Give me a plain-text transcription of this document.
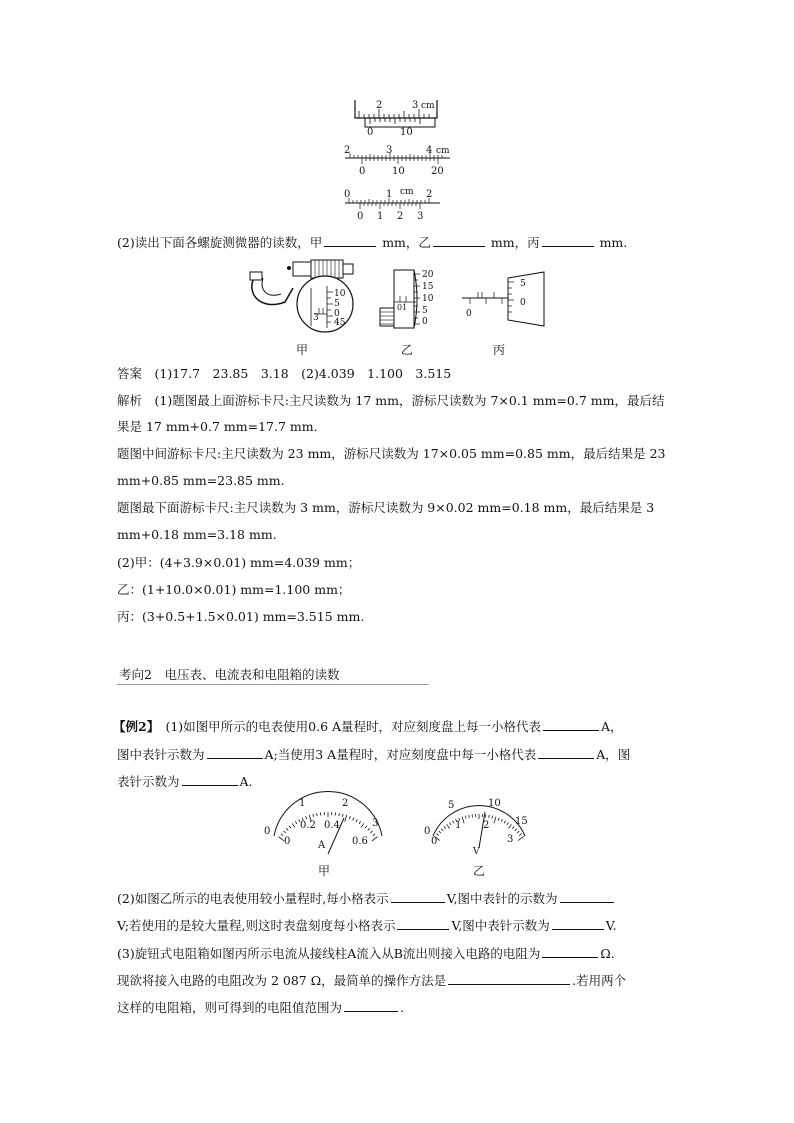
2	3 cm
0	10
2	3	4 cm
0	10	20
0	1 cm 2
0 1 2 3
(2)读出下面各螺旋测微器的读数，甲	mm，乙	mm，丙	mm.
10
5
0
45
3
甲
20
15
10
5
0
01
乙
5
0
0
丙
答案　(1)17.7　23.85　3.18　(2)4.039　1.100　3.515
解析　(1)题图最上面游标卡尺:主尺读数为 17 mm，游标尺读数为 7×0.1 mm=0.7 mm，最后结
果是 17 mm+0.7 mm=17.7 mm.
题图中间游标卡尺:主尺读数为 23 mm，游标尺读数为 17×0.05 mm=0.85 mm，最后结果是 23
mm+0.85 mm=23.85 mm.
题图最下面游标卡尺:主尺读数为 3 mm，游标尺读数为 9×0.02 mm=0.18 mm，最后结果是 3
mm+0.18 mm=3.18 mm.
(2)甲：(4+3.9×0.01) mm=4.039 mm；
乙：(1+10.0×0.01) mm=1.100 mm；
丙：(3+0.5+1.5×0.01) mm=3.515 mm.
考向2　电压表、电流表和电阻箱的读数
【例2】　(1)如图甲所示的电表使用0.6 A量程时，对应刻度盘上每一小格代表	A，
图中表针示数为	A;当使用3 A量程时，对应刻度盘中每一小格代表	A，图
表针示数为	A.
0
1	2
3
0
0.2 0.4
0.6
A
甲
0
5	10
15
0
1 2
3
V
乙
(2)如图乙所示的电表使用较小量程时,每小格表示	V,图中表针的示数为
V;若使用的是较大量程,则这时表盘刻度每小格表示	V,图中表针示数为	V.
(3)旋钮式电阻箱如图丙所示电流从接线柱A流入从B流出则接入电路的电阻为	Ω.
现欲将接入电路的电阻改为 2 087 Ω，最简单的操作方法是	.若用两个
这样的电阻箱，则可得到的电阻值范围为	.
